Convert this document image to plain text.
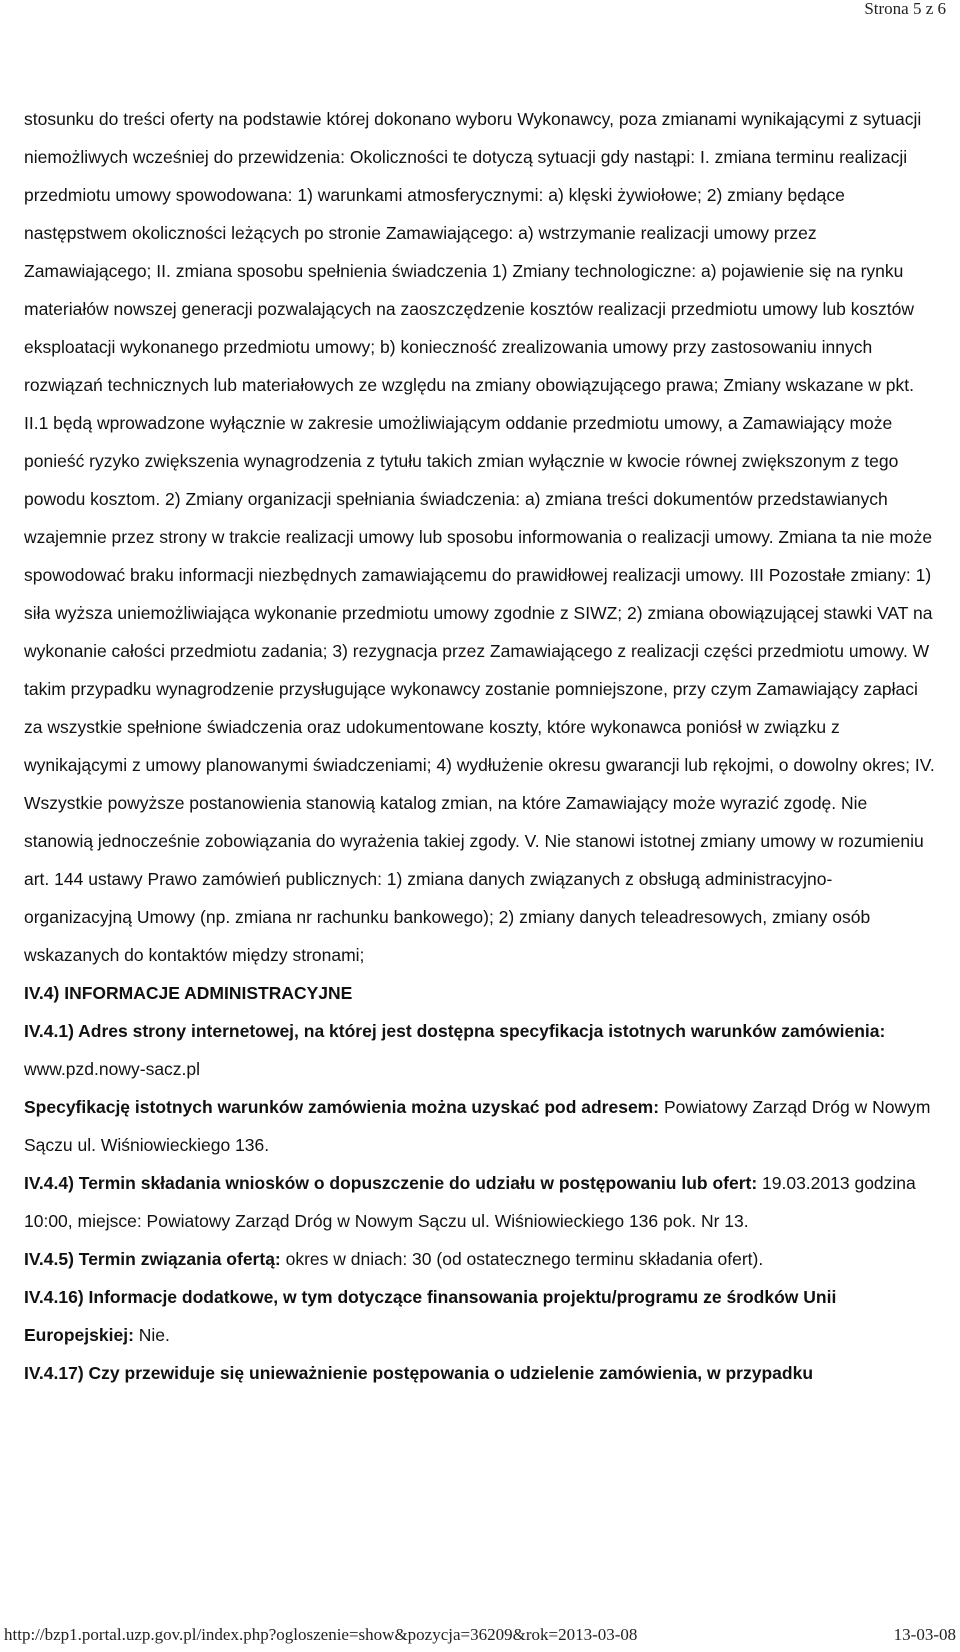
Strona 5 z 6

stosunku do treści oferty na podstawie której dokonano wyboru Wykonawcy, poza zmianami wynikającymi z sytuacji niemożliwych wcześniej do przewidzenia: Okoliczności te dotyczą sytuacji gdy nastąpi: I. zmiana terminu realizacji przedmiotu umowy spowodowana: 1) warunkami atmosferycznymi: a) klęski żywiołowe; 2) zmiany będące następstwem okoliczności leżących po stronie Zamawiającego: a) wstrzymanie realizacji umowy przez Zamawiającego; II. zmiana sposobu spełnienia świadczenia 1) Zmiany technologiczne: a) pojawienie się na rynku materiałów nowszej generacji pozwalających na zaoszczędzenie kosztów realizacji przedmiotu umowy lub kosztów eksploatacji wykonanego przedmiotu umowy; b) konieczność zrealizowania umowy przy zastosowaniu innych rozwiązań technicznych lub materiałowych ze względu na zmiany obowiązującego prawa; Zmiany wskazane w pkt. II.1 będą wprowadzone wyłącznie w zakresie umożliwiającym oddanie przedmiotu umowy, a Zamawiający może ponieść ryzyko zwiększenia wynagrodzenia z tytułu takich zmian wyłącznie w kwocie równej zwiększonym z tego powodu kosztom. 2) Zmiany organizacji spełniania świadczenia: a) zmiana treści dokumentów przedstawianych wzajemnie przez strony w trakcie realizacji umowy lub sposobu informowania o realizacji umowy. Zmiana ta nie może spowodować braku informacji niezbędnych zamawiającemu do prawidłowej realizacji umowy. III Pozostałe zmiany: 1) siła wyższa uniemożliwiająca wykonanie przedmiotu umowy zgodnie z SIWZ; 2) zmiana obowiązującej stawki VAT na wykonanie całości przedmiotu zadania; 3) rezygnacja przez Zamawiającego z realizacji części przedmiotu umowy. W takim przypadku wynagrodzenie przysługujące wykonawcy zostanie pomniejszone, przy czym Zamawiający zapłaci za wszystkie spełnione świadczenia oraz udokumentowane koszty, które wykonawca poniósł w związku z wynikającymi z umowy planowanymi świadczeniami; 4) wydłużenie okresu gwarancji lub rękojmi, o dowolny okres; IV. Wszystkie powyższe postanowienia stanowią katalog zmian, na które Zamawiający może wyrazić zgodę. Nie stanowią jednocześnie zobowiązania do wyrażenia takiej zgody. V. Nie stanowi istotnej zmiany umowy w rozumieniu art. 144 ustawy Prawo zamówień publicznych: 1) zmiana danych związanych z obsługą administracyjno-organizacyjną Umowy (np. zmiana nr rachunku bankowego); 2) zmiany danych teleadresowych, zmiany osób wskazanych do kontaktów między stronami;

IV.4) INFORMACJE ADMINISTRACYJNE

IV.4.1) Adres strony internetowej, na której jest dostępna specyfikacja istotnych warunków zamówienia: www.pzd.nowy-sacz.pl

Specyfikację istotnych warunków zamówienia można uzyskać pod adresem: Powiatowy Zarząd Dróg w Nowym Sączu ul. Wiśniowieckiego 136.

IV.4.4) Termin składania wniosków o dopuszczenie do udziału w postępowaniu lub ofert: 19.03.2013 godzina 10:00, miejsce: Powiatowy Zarząd Dróg w Nowym Sączu ul. Wiśniowieckiego 136 pok. Nr 13.

IV.4.5) Termin związania ofertą: okres w dniach: 30 (od ostatecznego terminu składania ofert).

IV.4.16) Informacje dodatkowe, w tym dotyczące finansowania projektu/programu ze środków Unii Europejskiej: Nie.

IV.4.17) Czy przewiduje się unieważnienie postępowania o udzielenie zamówienia, w przypadku

http://bzp1.portal.uzp.gov.pl/index.php?ogloszenie=show&pozycja=36209&rok=2013-03-08	13-03-08
